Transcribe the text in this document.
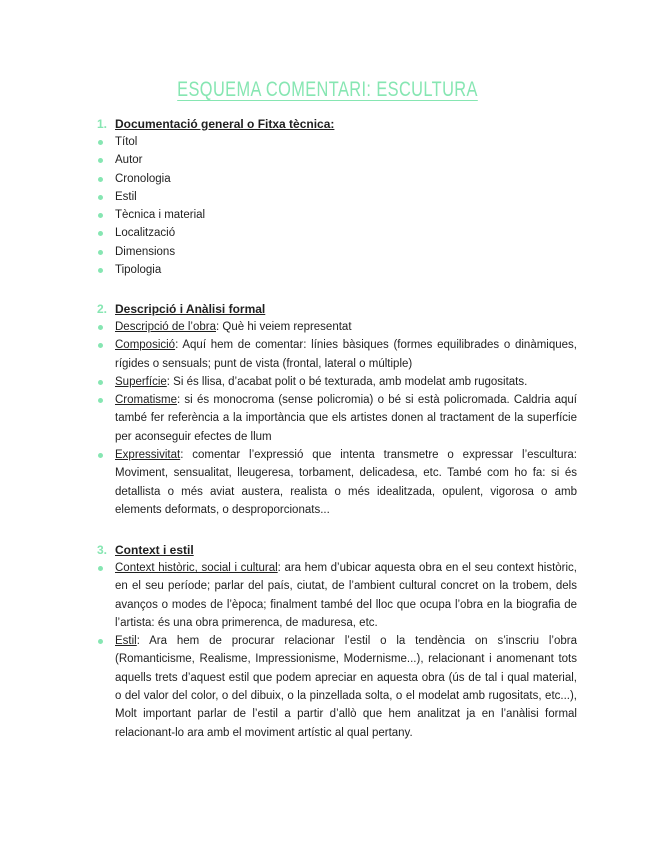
ESQUEMA COMENTARI: ESCULTURA
1. Documentació general o Fitxa tècnica:
Títol
Autor
Cronologia
Estil
Tècnica i material
Localització
Dimensions
Tipologia
2. Descripció i Anàlisi formal
Descripció de l’obra: Què hi veiem representat
Composició: Aquí hem de comentar: línies bàsiques (formes equilibrades o dinàmiques, rígides o sensuals; punt de vista (frontal, lateral o múltiple)
Superfície: Si és llisa, d’acabat polit o bé texturada, amb modelat amb rugositats.
Cromatisme: si és monocroma (sense policromia) o bé si està policromada. Caldria aquí també fer referència a la importància que els artistes donen al tractament de la superfície per aconseguir efectes de llum
Expressivitat: comentar l’expressió que intenta transmetre o expressar l’escultura: Moviment, sensualitat, lleugeresa, torbament, delicadesa, etc. També com ho fa: si és detallista o més aviat austera, realista o més idealitzada, opulent, vigorosa o amb elements deformats, o desproporcionats...
3. Context i estil
Context històric, social i cultural: ara hem d’ubicar aquesta obra en el seu context històric, en el seu període; parlar del país, ciutat, de l’ambient cultural concret on la trobem, dels avanços o modes de l’època; finalment també del lloc que ocupa l’obra en la biografia de l’artista: és una obra primerenca, de maduresa, etc.
Estil: Ara hem de procurar relacionar l’estil o la tendència on s’inscriu l’obra (Romanticisme, Realisme, Impressionisme, Modernisme...), relacionant i anomenant tots aquells trets d’aquest estil que podem apreciar en aquesta obra (ús de tal i qual material, o del valor del color, o del dibuix, o la pinzellada solta, o el modelat amb rugositats, etc...), Molt important parlar de l’estil a partir d’allò que hem analitzat ja en l’anàlisi formal relacionant-lo ara amb el moviment artístic al qual pertany.
